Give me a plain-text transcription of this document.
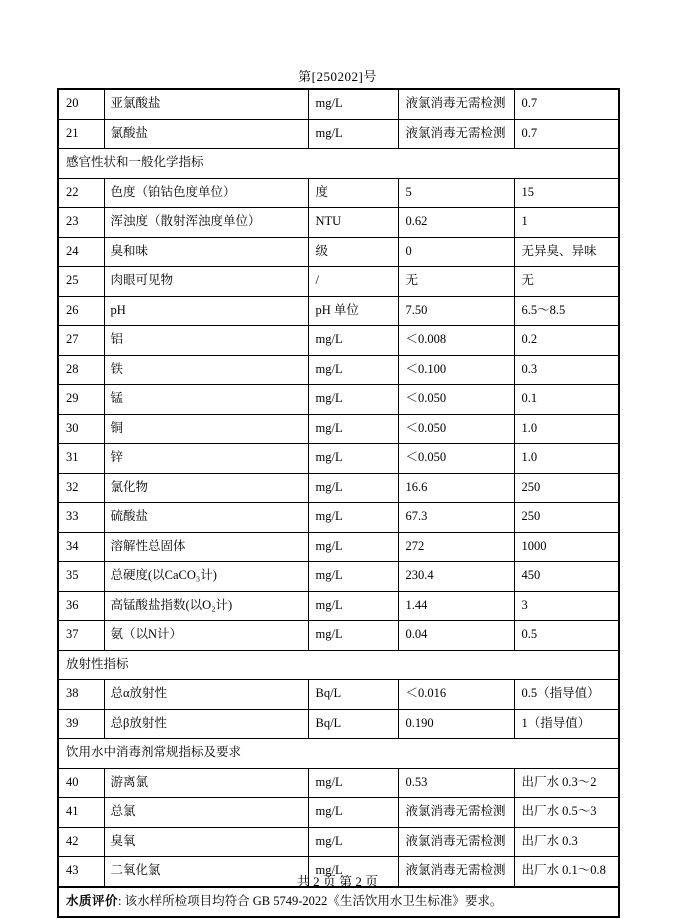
第[250202]号
20	亚氯酸盐	mg/L	液氯消毒无需检测	0.7
21	氯酸盐	mg/L	液氯消毒无需检测	0.7
感官性状和一般化学指标				
22	色度（铂钴色度单位）	度	5	15
23	浑浊度（散射浑浊度单位）	NTU	0.62	1
24	臭和味	级	0	无异臭、异味
25	肉眼可见物	/	无	无
26	pH	pH 单位	7.50	6.5～8.5
27	铝	mg/L	＜0.008	0.2
28	铁	mg/L	＜0.100	0.3
29	锰	mg/L	＜0.050	0.1
30	铜	mg/L	＜0.050	1.0
31	锌	mg/L	＜0.050	1.0
32	氯化物	mg/L	16.6	250
33	硫酸盐	mg/L	67.3	250
34	溶解性总固体	mg/L	272	1000
35	总硬度(以CaCO₃计)	mg/L	230.4	450
36	高锰酸盐指数(以O₂计)	mg/L	1.44	3
37	氨（以N计）	mg/L	0.04	0.5
放射性指标				
38	总α放射性	Bq/L	＜0.016	0.5（指导值）
39	总β放射性	Bq/L	0.190	1（指导值）
饮用水中消毒剂常规指标及要求				
40	游离氯	mg/L	0.53	出厂水 0.3～2
41	总氯	mg/L	液氯消毒无需检测	出厂水 0.5～3
42	臭氧	mg/L	液氯消毒无需检测	出厂水 0.3
43	二氧化氯	mg/L	液氯消毒无需检测	出厂水 0.1～0.8
水质评价: 该水样所检项目均符合 GB 5749-2022《生活饮用水卫生标准》要求。				
共 2 页 第 2 页
